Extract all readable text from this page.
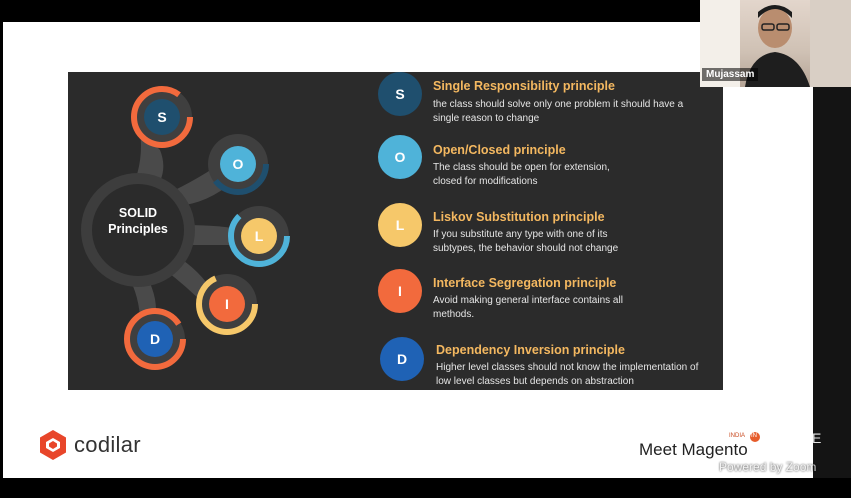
S
O
L
I
D
SOLID
Principles
S	Single Responsibility principle
the class should solve only one problem it should have a single reason to change
O	Open/Closed principle
The class should be open for extension, closed for modifications
L	Liskov Substitution principle
If you substitute any type with one of its subtypes, the behavior should not change
I	Interface Segregation principle
Avoid making general interface contains all methods.
D
Dependency Inversion principle
Higher level classes should not know the implementation of low level classes but depends on abstraction
codilar	Meet Magento
INDIA IN	E
Powered by Zoom
Mujassam
